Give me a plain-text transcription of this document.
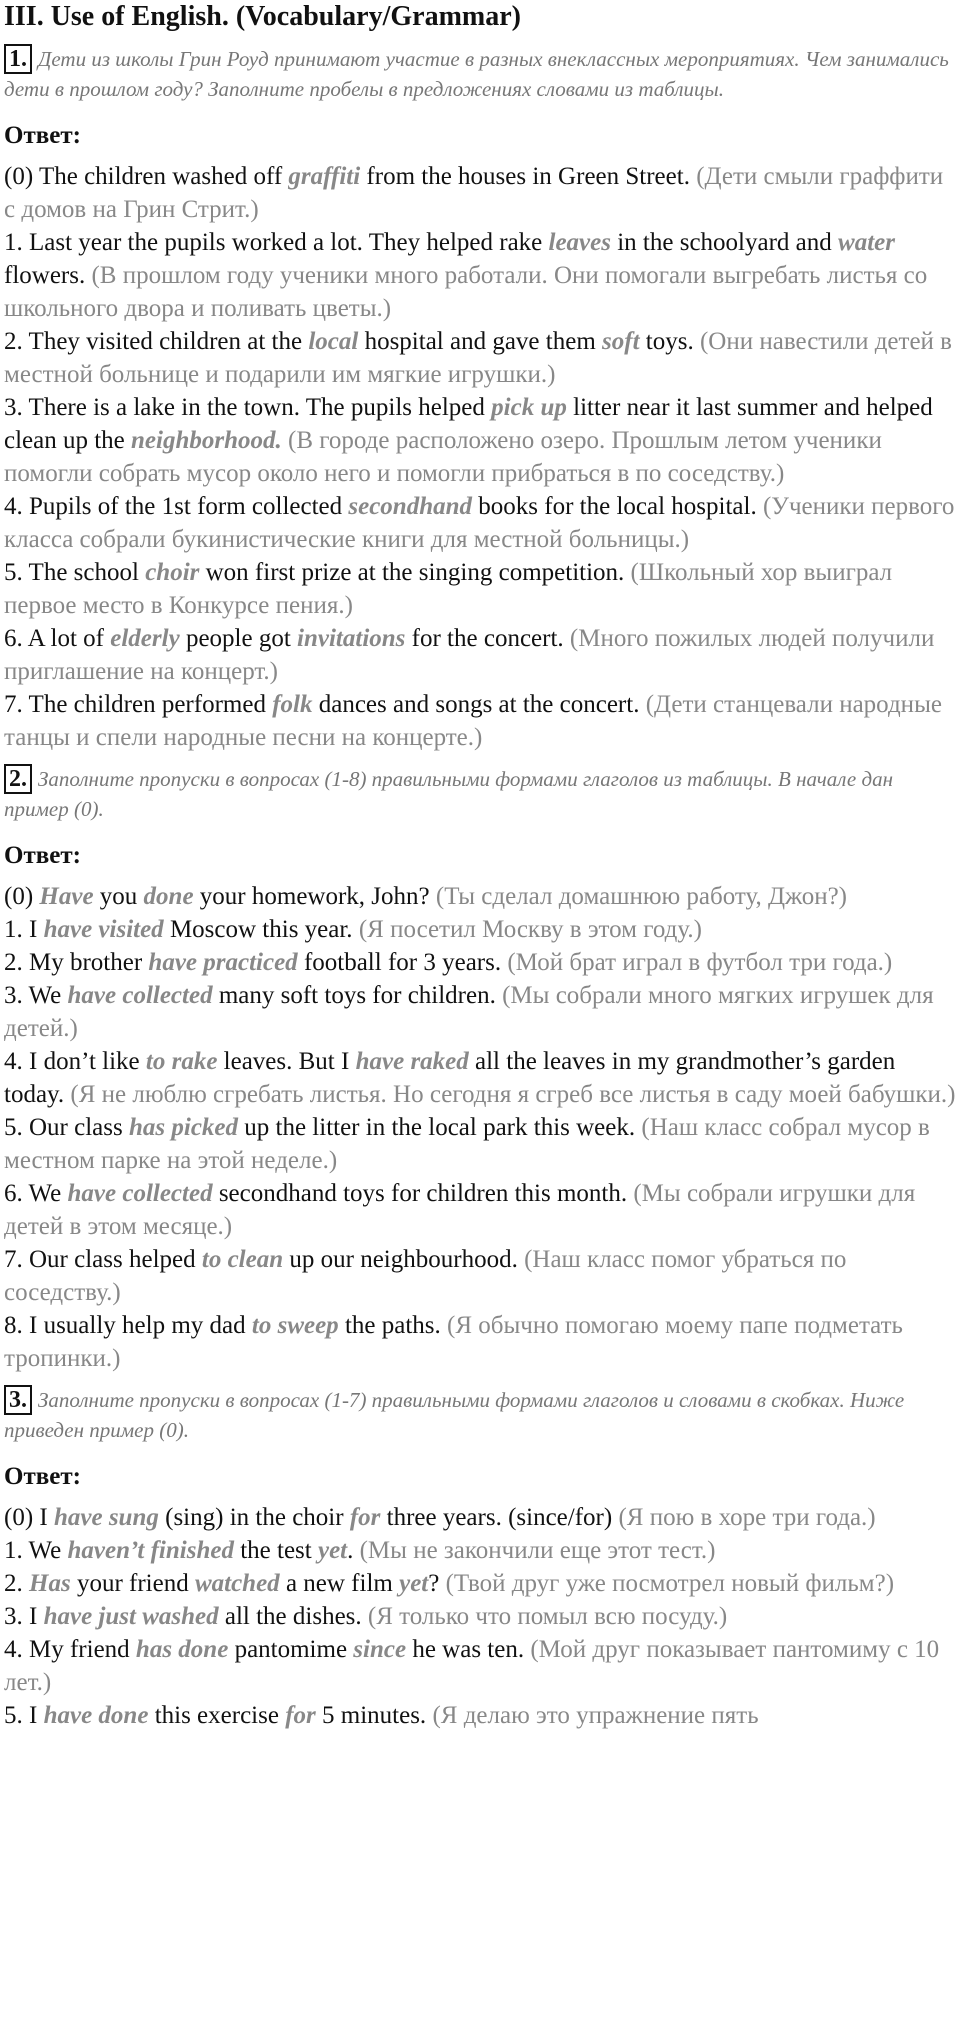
III. Use of English. (Vocabulary/Grammar)
1. Дети из школы Грин Роуд принимают участие в разных внеклассных мероприятиях. Чем занимались дети в прошлом году? Заполните пробелы в предложениях словами из таблицы.
Ответ:

(0) The children washed off graffiti from the houses in Green Street. (Дети смыли граффити с домов на Грин Стрит.)

1. Last year the pupils worked a lot. They helped rake leaves in the schoolyard and water flowers. (В прошлом году ученики много работали. Они помогали выгребать листья со школьного двора и поливать цветы.)

2. They visited children at the local hospital and gave them soft toys. (Они навестили детей в местной больнице и подарили им мягкие игрушки.)

3. There is a lake in the town. The pupils helped pick up litter near it last summer and helped clean up the neighborhood. (В городе расположено озеро. Прошлым летом ученики помогли собрать мусор около него и помогли прибраться в по соседству.)

4. Pupils of the 1st form collected secondhand books for the local hospital. (Ученики первого класса собрали букинистические книги для местной больницы.)

5. The school choir won first prize at the singing competition. (Школьный хор выиграл первое место в Конкурсе пения.)

6. A lot of elderly people got invitations for the concert. (Много пожилых людей получили приглашение на концерт.)

7. The children performed folk dances and songs at the concert. (Дети станцевали народные танцы и спели народные песни на концерте.)

2. Заполните пропуски в вопросах (1-8) правильными формами глаголов из таблицы. В начале дан пример (0).
Ответ:

(0) Have you done your homework, John? (Ты сделал домашнюю работу, Джон?)

1. I have visited Moscow this year. (Я посетил Москву в этом году.)

2. My brother have practiced football for 3 years. (Мой брат играл в футбол три года.)

3. We have collected many soft toys for children. (Мы собрали много мягких игрушек для детей.)

4. I don’t like to rake leaves. But I have raked all the leaves in my grandmother’s garden today. (Я не люблю сгребать листья. Но сегодня я сгреб все листья в саду моей бабушки.)

5. Our class has picked up the litter in the local park this week. (Наш класс собрал мусор в местном парке на этой неделе.)

6. We have collected secondhand toys for children this month. (Мы собрали игрушки для детей в этом месяце.)

7. Our class helped to clean up our neighbourhood. (Наш класс помог убраться по соседству.)

8. I usually help my dad to sweep the paths. (Я обычно помогаю моему папе подметать тропинки.)

3. Заполните пропуски в вопросах (1-7) правильными формами глаголов и словами в скобках. Ниже приведен пример (0).
Ответ:

(0) I have sung (sing) in the choir for three years. (since/for) (Я пою в хоре три года.)

1. We haven’t finished the test yet. (Мы не закончили еще этот тест.)

2. Has your friend watched a new film yet? (Твой друг уже посмотрел новый фильм?)

3. I have just washed all the dishes. (Я только что помыл всю посуду.)

4. My friend has done pantomime since he was ten. (Мой друг показывает пантомиму с 10 лет.)

5. I have done this exercise for 5 minutes. (Я делаю это упражнение пять
